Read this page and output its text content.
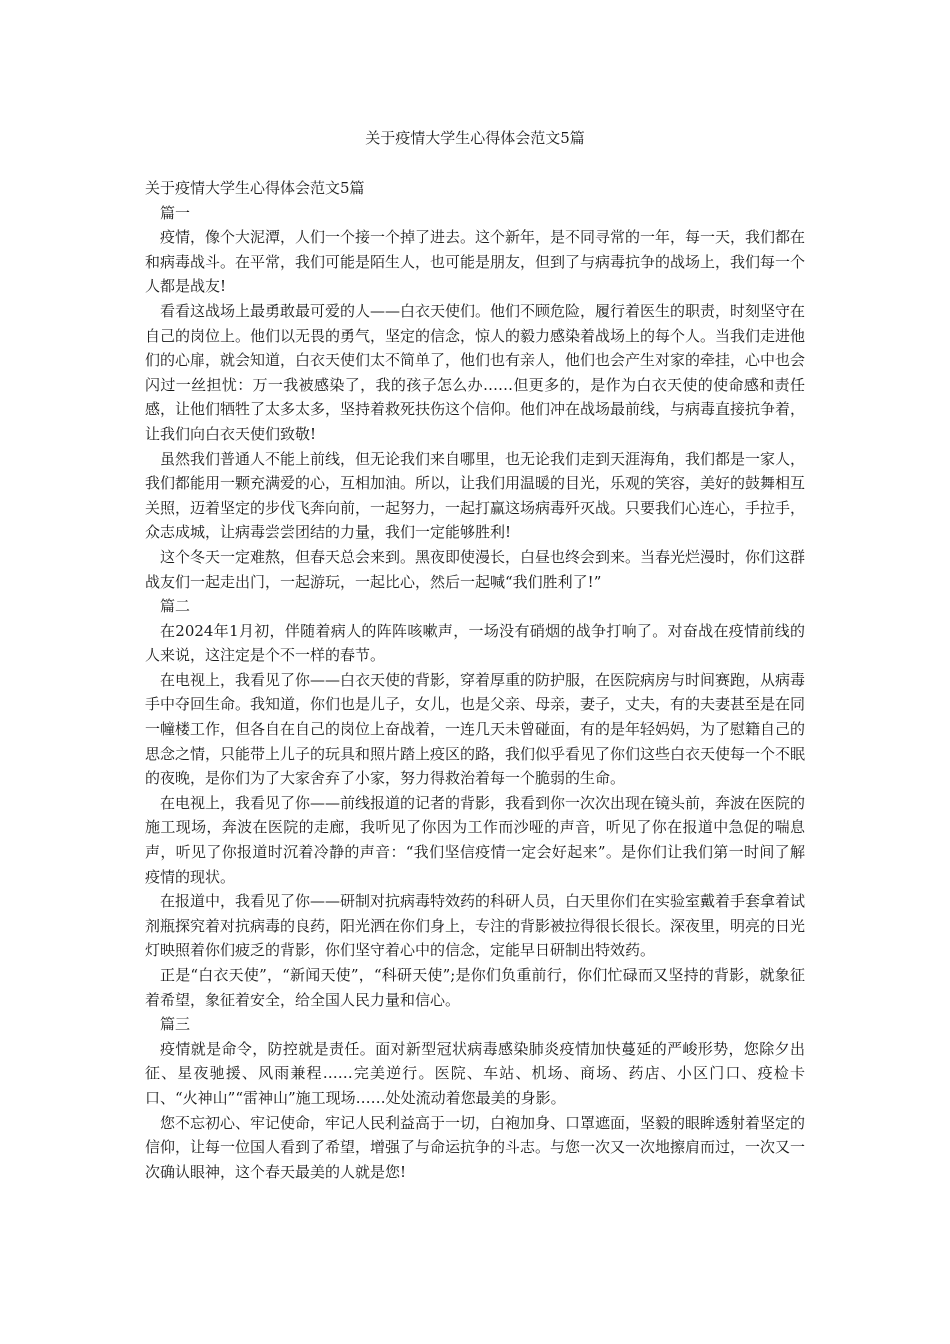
关于疫情大学生心得体会范文5篇

关于疫情大学生心得体会范文5篇

篇一

疫情，像个大泥潭，人们一个接一个掉了进去。这个新年，是不同寻常的一年，每一天，我们都在和病毒战斗。在平常，我们可能是陌生人，也可能是朋友，但到了与病毒抗争的战场上，我们每一个人都是战友!

看看这战场上最勇敢最可爱的人——白衣天使们。他们不顾危险，履行着医生的职责，时刻坚守在自己的岗位上。他们以无畏的勇气，坚定的信念，惊人的毅力感染着战场上的每个人。当我们走进他们的心扉，就会知道，白衣天使们太不简单了，他们也有亲人，他们也会产生对家的牵挂，心中也会闪过一丝担忧：万一我被感染了，我的孩子怎么办……但更多的，是作为白衣天使的使命感和责任感，让他们牺牲了太多太多，坚持着救死扶伤这个信仰。他们冲在战场最前线，与病毒直接抗争着，让我们向白衣天使们致敬!

虽然我们普通人不能上前线，但无论我们来自哪里，也无论我们走到天涯海角，我们都是一家人，我们都能用一颗充满爱的心，互相加油。所以，让我们用温暖的目光，乐观的笑容，美好的鼓舞相互关照，迈着坚定的步伐飞奔向前，一起努力，一起打赢这场病毒歼灭战。只要我们心连心，手拉手，众志成城，让病毒尝尝团结的力量，我们一定能够胜利!

这个冬天一定难熬，但春天总会来到。黑夜即使漫长，白昼也终会到来。当春光烂漫时，你们这群战友们一起走出门，一起游玩，一起比心，然后一起喊“我们胜利了!”

篇二

在2024年1月初，伴随着病人的阵阵咳嗽声，一场没有硝烟的战争打响了。对奋战在疫情前线的人来说，这注定是个不一样的春节。

在电视上，我看见了你——白衣天使的背影，穿着厚重的防护服，在医院病房与时间赛跑，从病毒手中夺回生命。我知道，你们也是儿子，女儿，也是父亲、母亲，妻子，丈夫，有的夫妻甚至是在同一幢楼工作，但各自在自己的岗位上奋战着，一连几天未曾碰面，有的是年轻妈妈，为了慰籍自己的思念之情，只能带上儿子的玩具和照片踏上疫区的路，我们似乎看见了你们这些白衣天使每一个不眠的夜晚，是你们为了大家舍弃了小家，努力得救治着每一个脆弱的生命。

在电视上，我看见了你——前线报道的记者的背影，我看到你一次次出现在镜头前，奔波在医院的施工现场，奔波在医院的走廊，我听见了你因为工作而沙哑的声音，听见了你在报道中急促的喘息声，听见了你报道时沉着冷静的声音：“我们坚信疫情一定会好起来”。是你们让我们第一时间了解疫情的现状。

在报道中，我看见了你——研制对抗病毒特效药的科研人员，白天里你们在实验室戴着手套拿着试剂瓶探究着对抗病毒的良药，阳光洒在你们身上，专注的背影被拉得很长很长。深夜里，明亮的日光灯映照着你们疲乏的背影，你们坚守着心中的信念，定能早日研制出特效药。

正是“白衣天使”，“新闻天使”，“科研天使”;是你们负重前行，你们忙碌而又坚持的背影，就象征着希望，象征着安全，给全国人民力量和信心。

篇三

疫情就是命令，防控就是责任。面对新型冠状病毒感染肺炎疫情加快蔓延的严峻形势，您除夕出征、星夜驰援、风雨兼程……完美逆行。医院、车站、机场、商场、药店、小区门口、疫检卡口、“火神山”“雷神山”施工现场……处处流动着您最美的身影。

您不忘初心、牢记使命，牢记人民利益高于一切，白袍加身、口罩遮面，坚毅的眼眸透射着坚定的信仰，让每一位国人看到了希望，增强了与命运抗争的斗志。与您一次又一次地擦肩而过，一次又一次确认眼神，这个春天最美的人就是您!
